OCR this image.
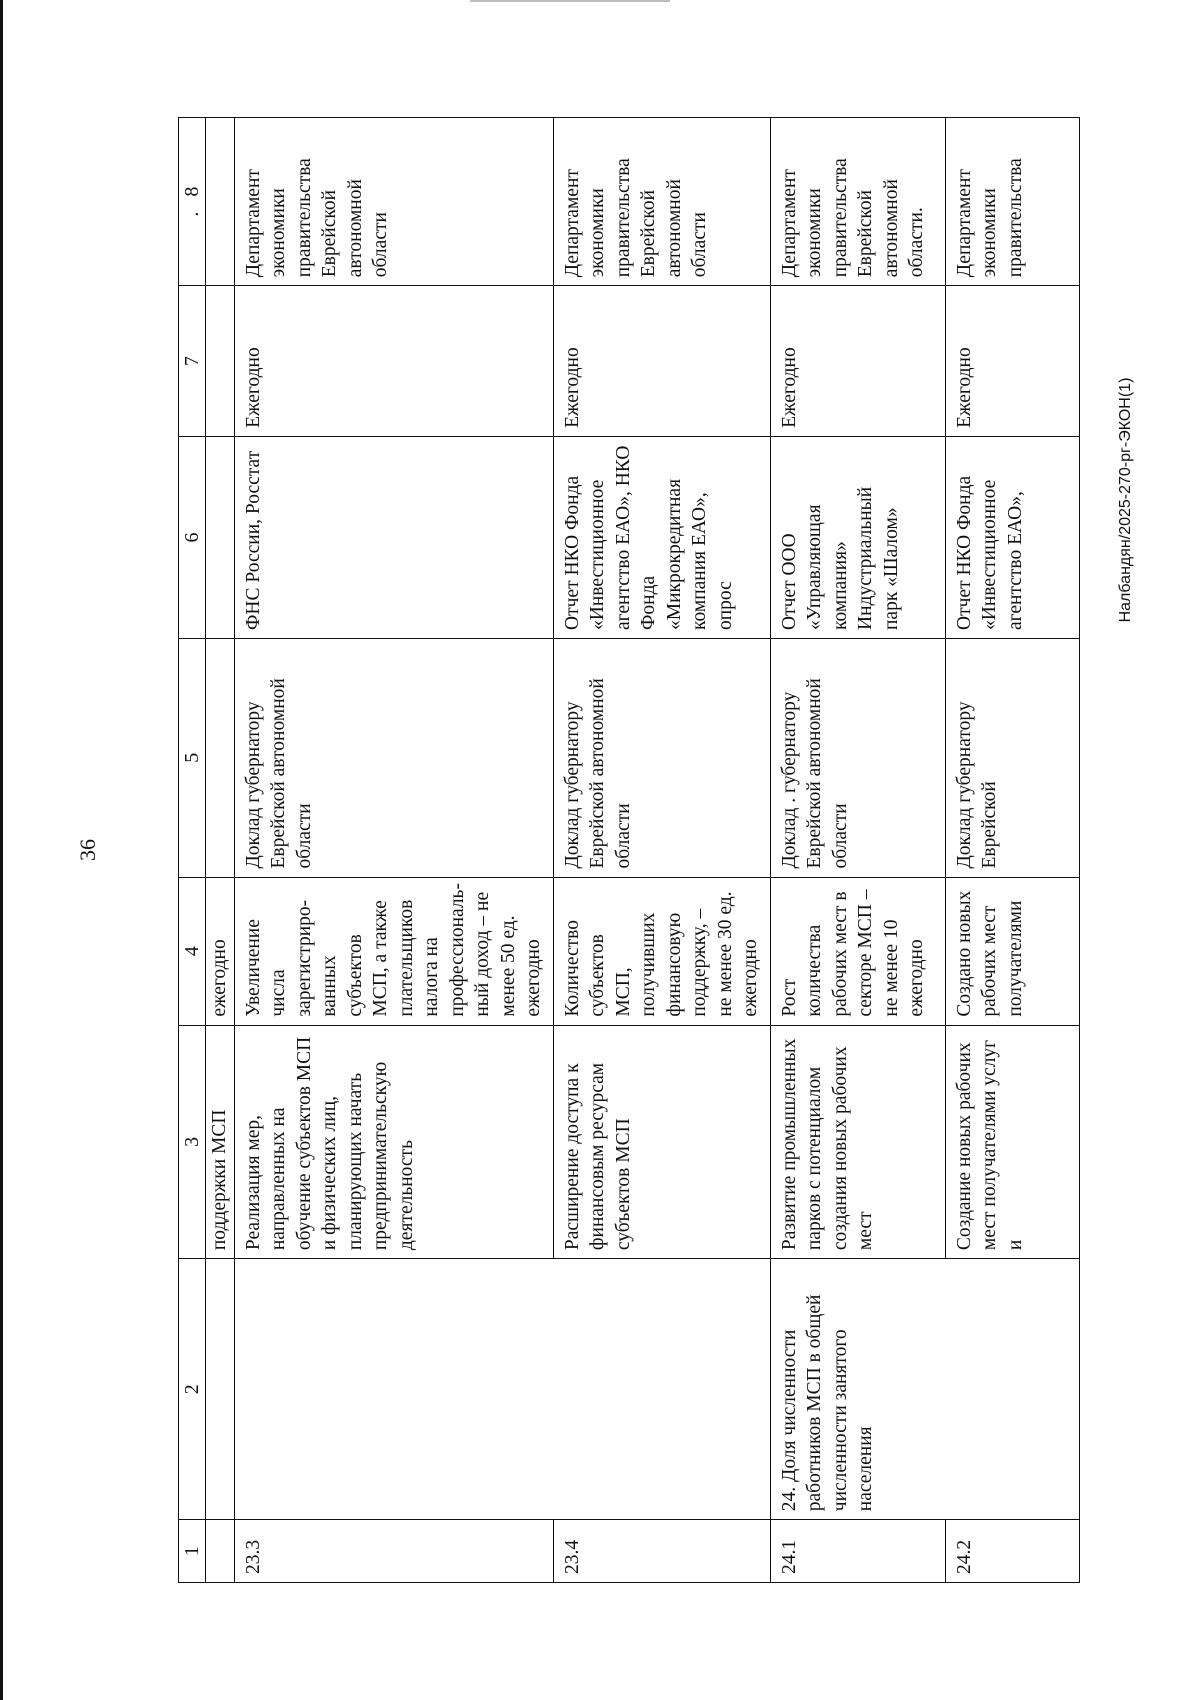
36
Налбандян/2025-270-рг-ЭКОН(1)
1	2	3	4	5	6	7	.   8
		поддержки МСП	ежегодно				
23.3		Реализация мер, направленных на обучение субъектов МСП и физических лиц, планирующих начать предпринимательскую деятельность	Увеличение числа зарегистриро-ванных субъектов МСП, а также плательщиков налога на профессиональ-ный доход – не менее 50 ед. ежегодно	Доклад губернатору Еврейской автономной области	ФНС России, Росстат	Ежегодно	Департамент экономики правительства Еврейской автономной области
23.4		Расширение доступа к финансовым ресурсам субъектов МСП	Количество субъектов МСП, получивших финансовую поддержку, – не менее 30 ед. ежегодно	Доклад губернатору Еврейской автономной области	Отчет НКО Фонда «Инвестиционное агентство ЕАО», НКО Фонда «Микрокредитная компания ЕАО», опрос	Ежегодно	Департамент экономики правительства Еврейской автономной области
24.1	24. Доля численности работников МСП в общей численности занятого населения	Развитие промышленных парков с потенциалом создания новых рабочих мест	Рост количества рабочих мест в секторе МСП – не менее 10 ежегодно	Доклад . губернатору Еврейской автономной области	Отчет ООО «Управляющая компания» Индустриальный парк «Шалом»	Ежегодно	Департамент экономики правительства Еврейской автономной области.
24.2		Создание новых рабочих мест получателями услуг и	Создано новых рабочих мест получателями	Доклад губернатору Еврейской	Отчет НКО Фонда «Инвестиционное агентство ЕАО»,	Ежегодно	Департамент экономики правительства
